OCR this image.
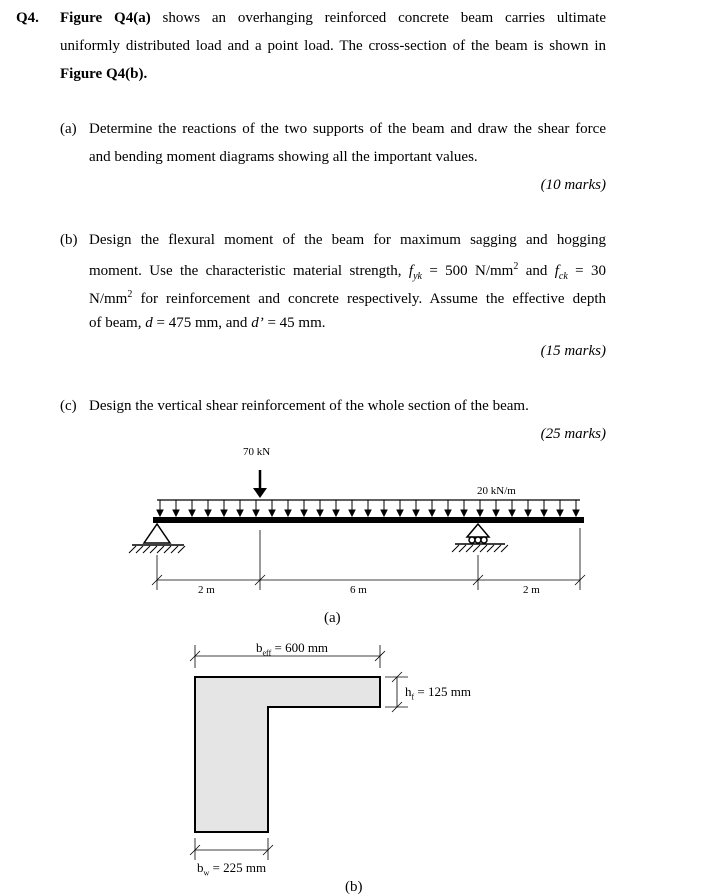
Q4. Figure Q4(a) shows an overhanging reinforced concrete beam carries ultimate
uniformly distributed load and a point load. The cross-section of the beam is shown in
Figure Q4(b).
(a) Determine the reactions of the two supports of the beam and draw the shear force
and bending moment diagrams showing all the important values.
(10 marks)
(b) Design the flexural moment of the beam for maximum sagging and hogging
moment. Use the characteristic material strength, $f_{yk} = 500$ $N/mm^2$ and $f_{ck} = 30$
$N/mm^2$ for reinforcement and concrete respectively. Assume the effective depth
of beam, d = 475 mm, and d’ = 45 mm.
(15 marks)
(c) Design the vertical shear reinforcement of the whole section of the beam.
(25 marks)
70 kN
20 kN/m
2 m	6 m	2 m
(a)
$b_{eff} = 600$ mm
$h_f = 125$ mm
$b_w = 225$ mm
(b)
